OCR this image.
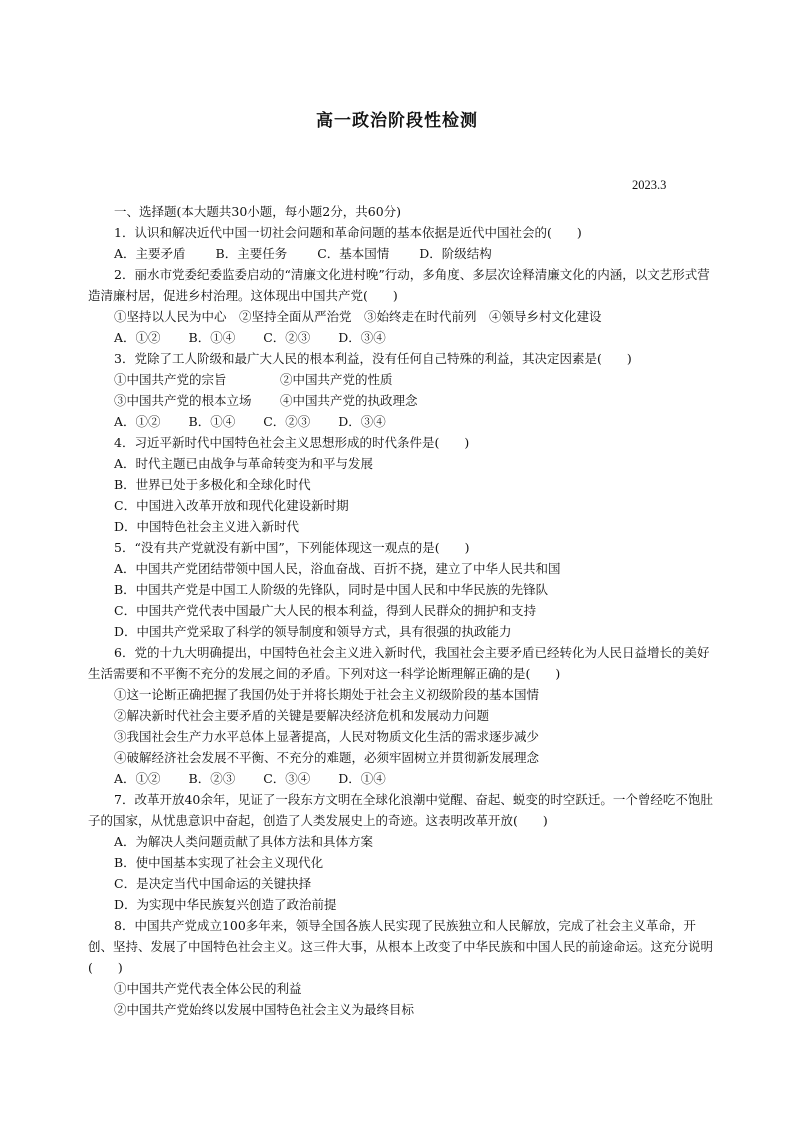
高一政治阶段性检测
2023.3
一、选择题(本大题共30小题，每小题2分，共60分)
1．认识和解决近代中国一切社会问题和革命问题的基本依据是近代中国社会的(　　)
A．主要矛盾 B．主要任务 C．基本国情 D．阶级结构
2．丽水市党委纪委监委启动的“清廉文化进村晚”行动，多角度、多层次诠释清廉文化的内涵，以文艺形式营造清廉村居，促进乡村治理。这体现出中国共产党(　　)
①坚持以人民为中心　②坚持全面从严治党　③始终走在时代前列　④领导乡村文化建设
A．①② B．①④ C．②③ D．③④
3．党除了工人阶级和最广大人民的根本利益，没有任何自己特殊的利益，其决定因素是(　　)
①中国共产党的宗旨	②中国共产党的性质
③中国共产党的根本立场 ④中国共产党的执政理念
A．①② B．①④ C．②③ D．③④
4．习近平新时代中国特色社会主义思想形成的时代条件是(　　)
A．时代主题已由战争与革命转变为和平与发展
B．世界已处于多极化和全球化时代
C．中国进入改革开放和现代化建设新时期
D．中国特色社会主义进入新时代
5．“没有共产党就没有新中国”，下列能体现这一观点的是(　　)
A．中国共产党团结带领中国人民，浴血奋战、百折不挠，建立了中华人民共和国
B．中国共产党是中国工人阶级的先锋队，同时是中国人民和中华民族的先锋队
C．中国共产党代表中国最广大人民的根本利益，得到人民群众的拥护和支持
D．中国共产党采取了科学的领导制度和领导方式，具有很强的执政能力
6．党的十九大明确提出，中国特色社会主义进入新时代，我国社会主要矛盾已经转化为人民日益增长的美好生活需要和不平衡不充分的发展之间的矛盾。下列对这一科学论断理解正确的是(　　)
①这一论断正确把握了我国仍处于并将长期处于社会主义初级阶段的基本国情
②解决新时代社会主要矛盾的关键是要解决经济危机和发展动力问题
③我国社会生产力水平总体上显著提高，人民对物质文化生活的需求逐步减少
④破解经济社会发展不平衡、不充分的难题，必须牢固树立并贯彻新发展理念
A．①② B．②③ C．③④ D．①④
7．改革开放40余年，见证了一段东方文明在全球化浪潮中觉醒、奋起、蜕变的时空跃迁。一个曾经吃不饱肚子的国家，从忧患意识中奋起，创造了人类发展史上的奇迹。这表明改革开放(　　)
A．为解决人类问题贡献了具体方法和具体方案
B．使中国基本实现了社会主义现代化
C．是决定当代中国命运的关键抉择
D．为实现中华民族复兴创造了政治前提
8．中国共产党成立100多年来，领导全国各族人民实现了民族独立和人民解放，完成了社会主义革命，开创、坚持、发展了中国特色社会主义。这三件大事，从根本上改变了中华民族和中国人民的前途命运。这充分说明(　　)
①中国共产党代表全体公民的利益
②中国共产党始终以发展中国特色社会主义为最终目标
